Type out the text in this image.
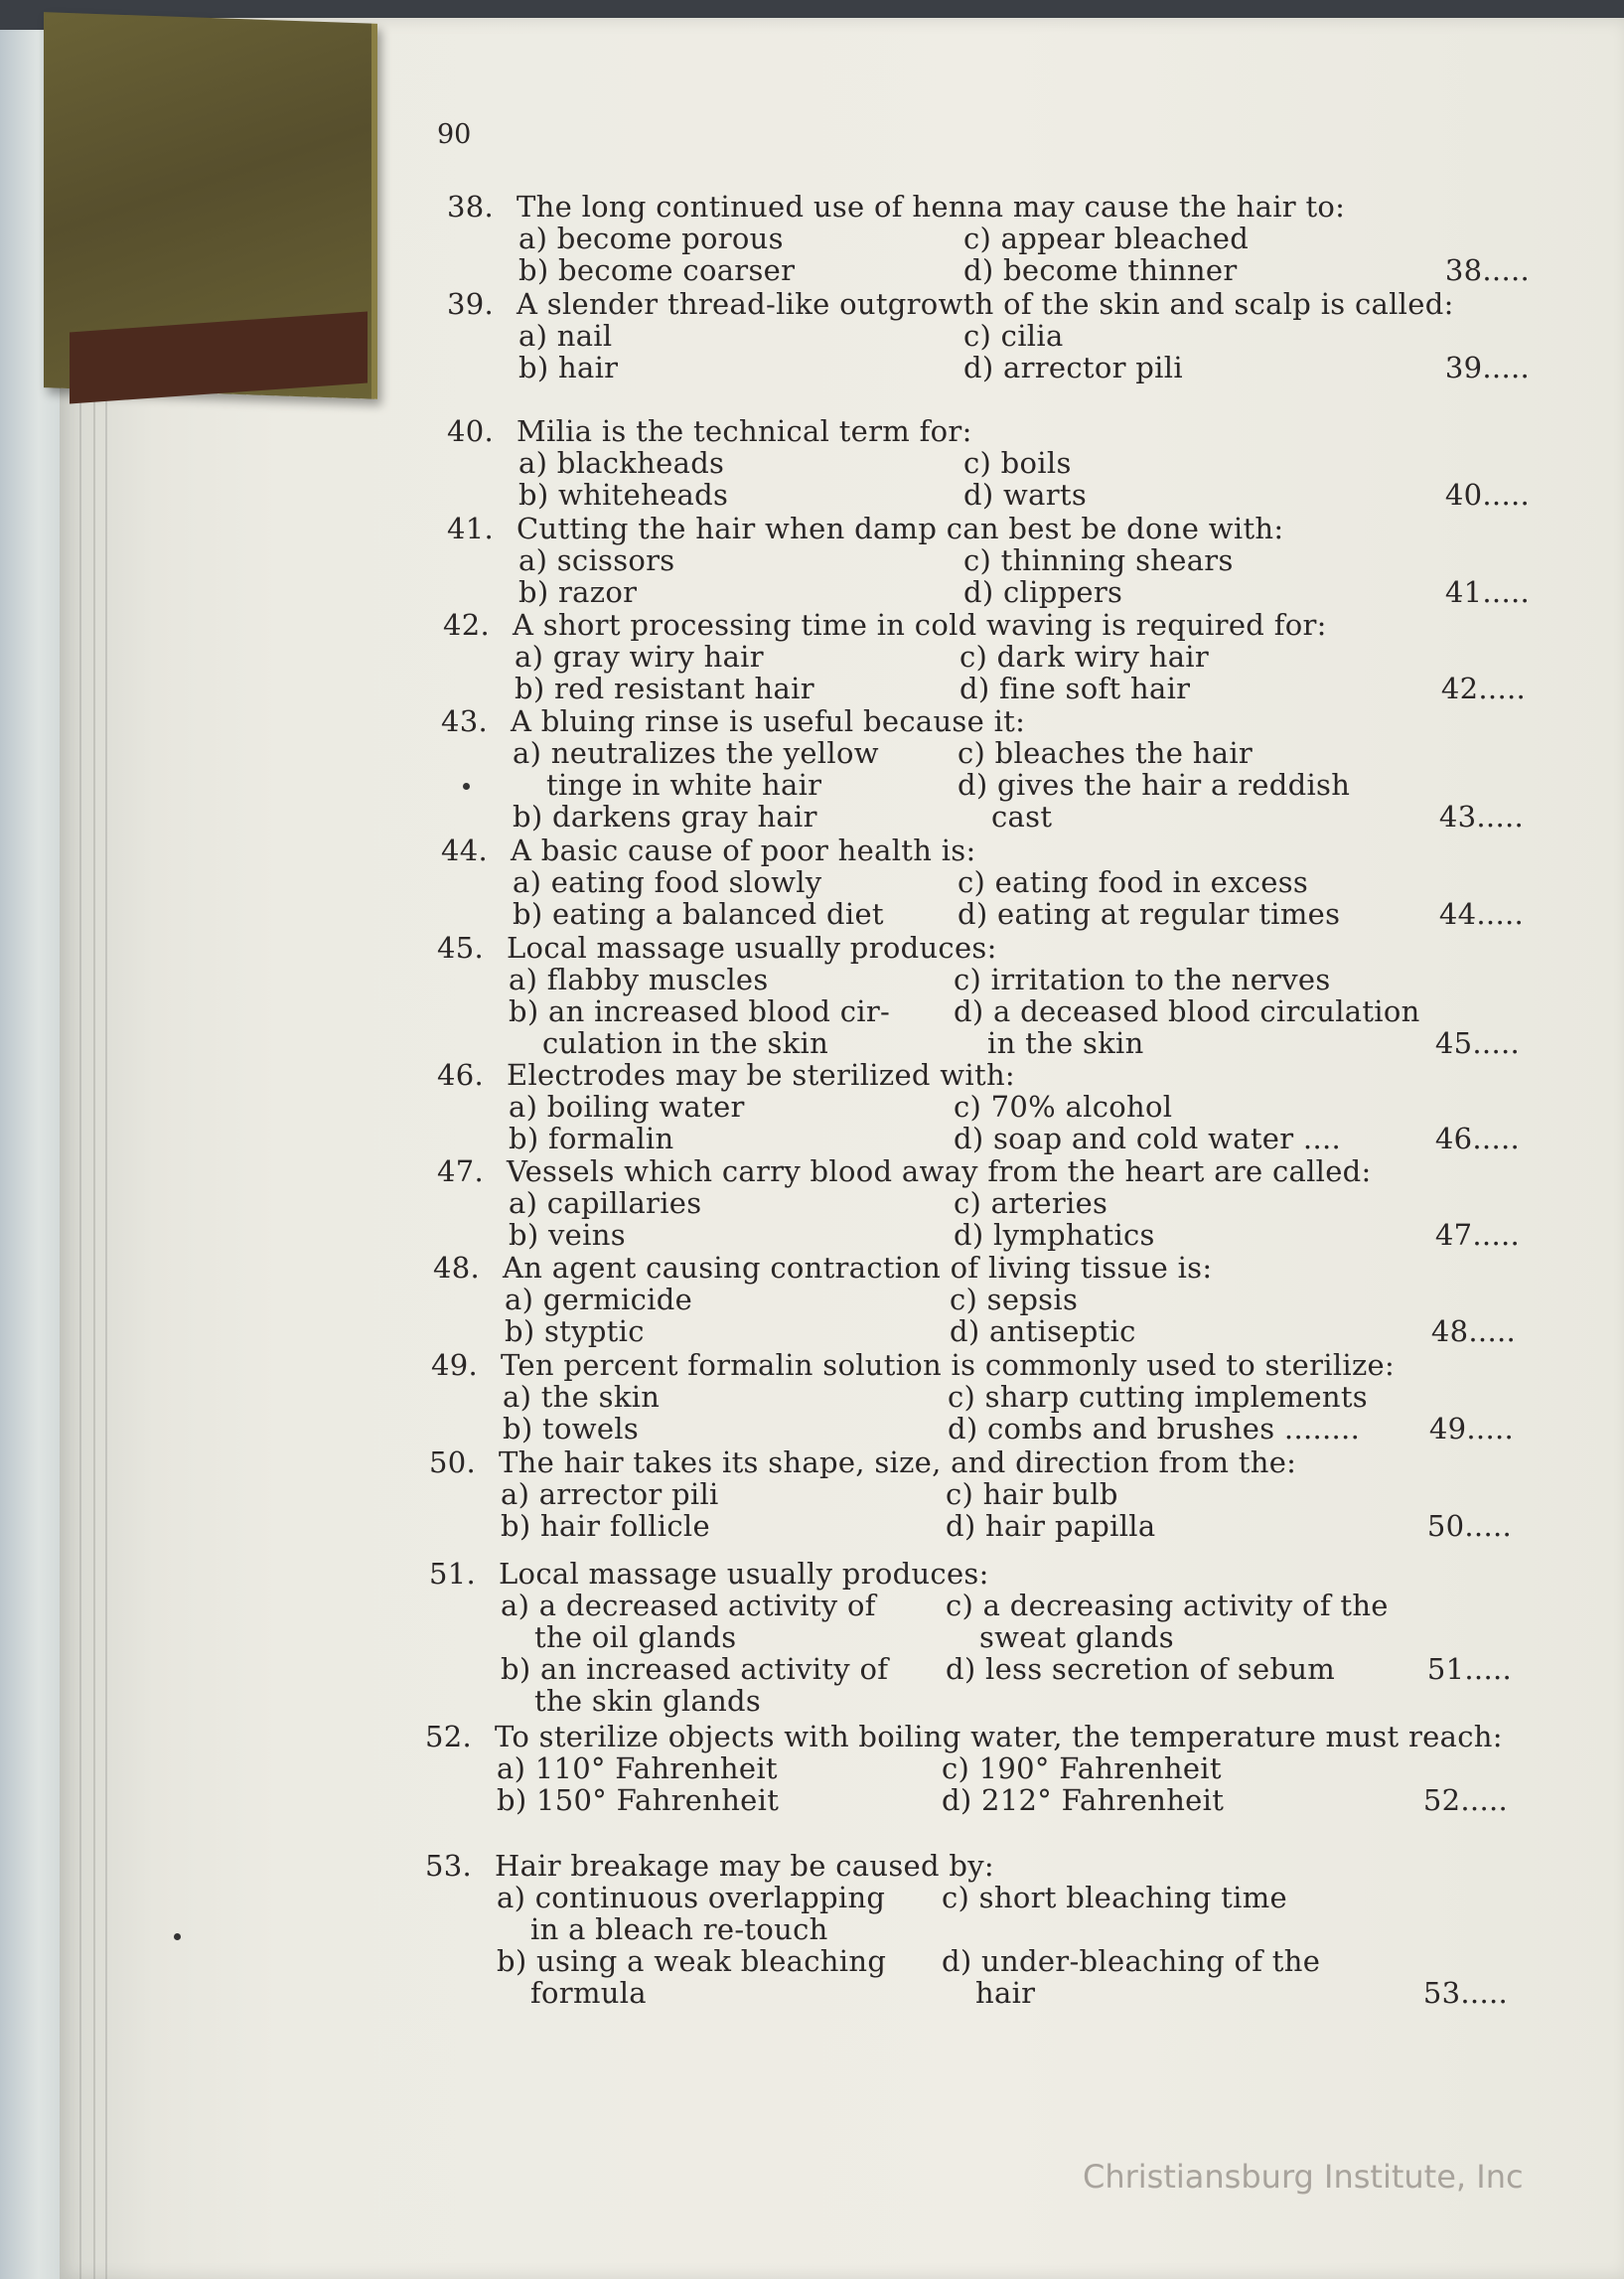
90
38. The long continued use of henna may cause the hair to:
a) become porous	c) appear bleached
b) become coarser	d) become thinner	38.....
39. A slender thread-like outgrowth of the skin and scalp is called:
a) nail	c) cilia
b) hair	d) arrector pili	39.....
40. Milia is the technical term for:
a) blackheads	c) boils
b) whiteheads	d) warts	40.....
41. Cutting the hair when damp can best be done with:
a) scissors	c) thinning shears
b) razor	d) clippers	41.....
42. A short processing time in cold waving is required for:
a) gray wiry hair	c) dark wiry hair
b) red resistant hair	d) fine soft hair	42.....
43. A bluing rinse is useful because it:
a) neutralizes the yellow	c) bleaches the hair
tinge in white hair	d) gives the hair a reddish
b) darkens gray hair	cast	43.....
44. A basic cause of poor health is:
a) eating food slowly	c) eating food in excess
b) eating a balanced diet	d) eating at regular times	44.....
45. Local massage usually produces:
a) flabby muscles	c) irritation to the nerves
b) an increased blood cir-	d) a deceased blood circulation
culation in the skin	in the skin	45.....
46. Electrodes may be sterilized with:
a) boiling water	c) 70% alcohol
b) formalin	d) soap and cold water ....	46.....
47. Vessels which carry blood away from the heart are called:
a) capillaries	c) arteries
b) veins	d) lymphatics	47.....
48. An agent causing contraction of living tissue is:
a) germicide	c) sepsis
b) styptic	d) antiseptic	48.....
49. Ten percent formalin solution is commonly used to sterilize:
a) the skin	c) sharp cutting implements
b) towels	d) combs and brushes ........	49.....
50. The hair takes its shape, size, and direction from the:
a) arrector pili	c) hair bulb
b) hair follicle	d) hair papilla	50.....
51. Local massage usually produces:
a) a decreased activity of	c) a decreasing activity of the
the oil glands	sweat glands
b) an increased activity of	d) less secretion of sebum	51.....
the skin glands
52. To sterilize objects with boiling water, the temperature must reach:
a) 110° Fahrenheit	c) 190° Fahrenheit
b) 150° Fahrenheit	d) 212° Fahrenheit	52.....
53. Hair breakage may be caused by:
a) continuous overlapping	c) short bleaching time
in a bleach re-touch
b) using a weak bleaching	d) under-bleaching of the
formula	hair	53.....
Christiansburg Institute, Inc
